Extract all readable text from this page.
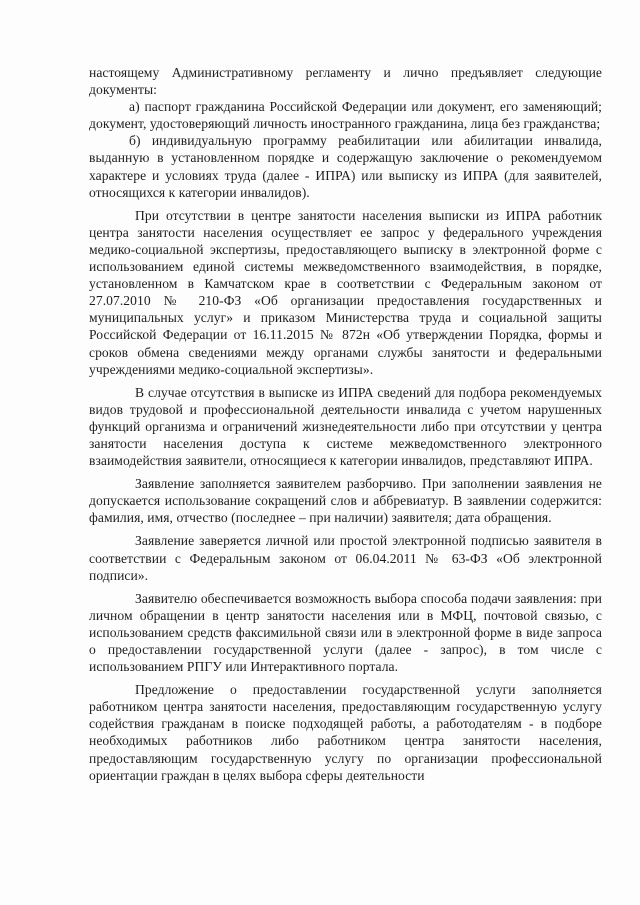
настоящему Административному регламенту и лично предъявляет следующие документы:

а) паспорт гражданина Российской Федерации или документ, его заменяющий; документ, удостоверяющий личность иностранного гражданина, лица без гражданства;

б) индивидуальную программу реабилитации или абилитации инвалида, выданную в установленном порядке и содержащую заключение о рекомендуемом характере и условиях труда (далее - ИПРА) или выписку из ИПРА (для заявителей, относящихся к категории инвалидов).

При отсутствии в центре занятости населения выписки из ИПРА работник центра занятости населения осуществляет ее запрос у федерального учреждения медико-социальной экспертизы, предоставляющего выписку в электронной форме с использованием единой системы межведомственного взаимодействия, в порядке, установленном в Камчатском крае в соответствии с Федеральным законом от 27.07.2010 № 210-ФЗ «Об организации предоставления государственных и муниципальных услуг» и приказом Министерства труда и социальной защиты Российской Федерации от 16.11.2015 № 872н «Об утверждении Порядка, формы и сроков обмена сведениями между органами службы занятости и федеральными учреждениями медико-социальной экспертизы».

В случае отсутствия в выписке из ИПРА сведений для подбора рекомендуемых видов трудовой и профессиональной деятельности инвалида с учетом нарушенных функций организма и ограничений жизнедеятельности либо при отсутствии у центра занятости населения доступа к системе межведомственного электронного взаимодействия заявители, относящиеся к категории инвалидов, представляют ИПРА.

Заявление заполняется заявителем разборчиво. При заполнении заявления не допускается использование сокращений слов и аббревиатур. В заявлении содержится: фамилия, имя, отчество (последнее – при наличии) заявителя; дата обращения.

Заявление заверяется личной или простой электронной подписью заявителя в соответствии с Федеральным законом от 06.04.2011 № 63-ФЗ «Об электронной подписи».

Заявителю обеспечивается возможность выбора способа подачи заявления: при личном обращении в центр занятости населения или в МФЦ, почтовой связью, с использованием средств факсимильной связи или в электронной форме в виде запроса о предоставлении государственной услуги (далее - запрос), в том числе с использованием РПГУ или Интерактивного портала.

Предложение о предоставлении государственной услуги заполняется работником центра занятости населения, предоставляющим государственную услугу содействия гражданам в поиске подходящей работы, а работодателям - в подборе необходимых работников либо работником центра занятости населения, предоставляющим государственную услугу по организации профессиональной ориентации граждан в целях выбора сферы деятельности
